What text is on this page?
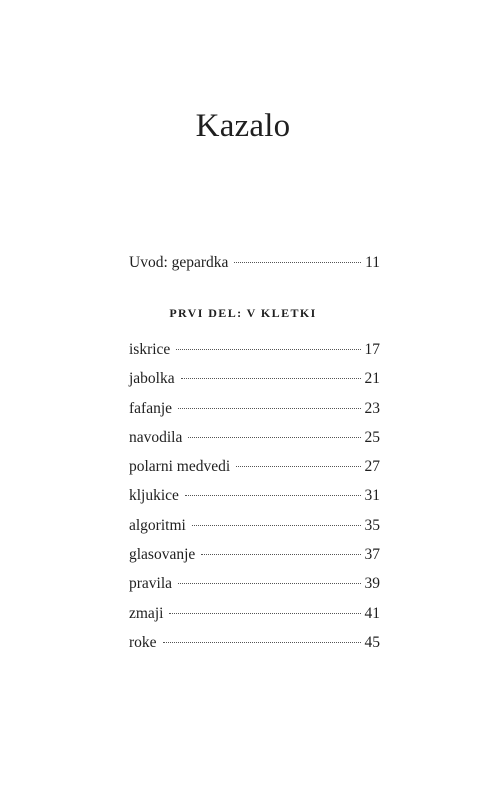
Kazalo
Uvod: gepardka	11
PRVI DEL: V KLETKI
iskrice	17
jabolka	21
fafanje	23
navodila	25
polarni medvedi	27
kljukice	31
algoritmi	35
glasovanje	37
pravila	39
zmaji	41
roke	45
